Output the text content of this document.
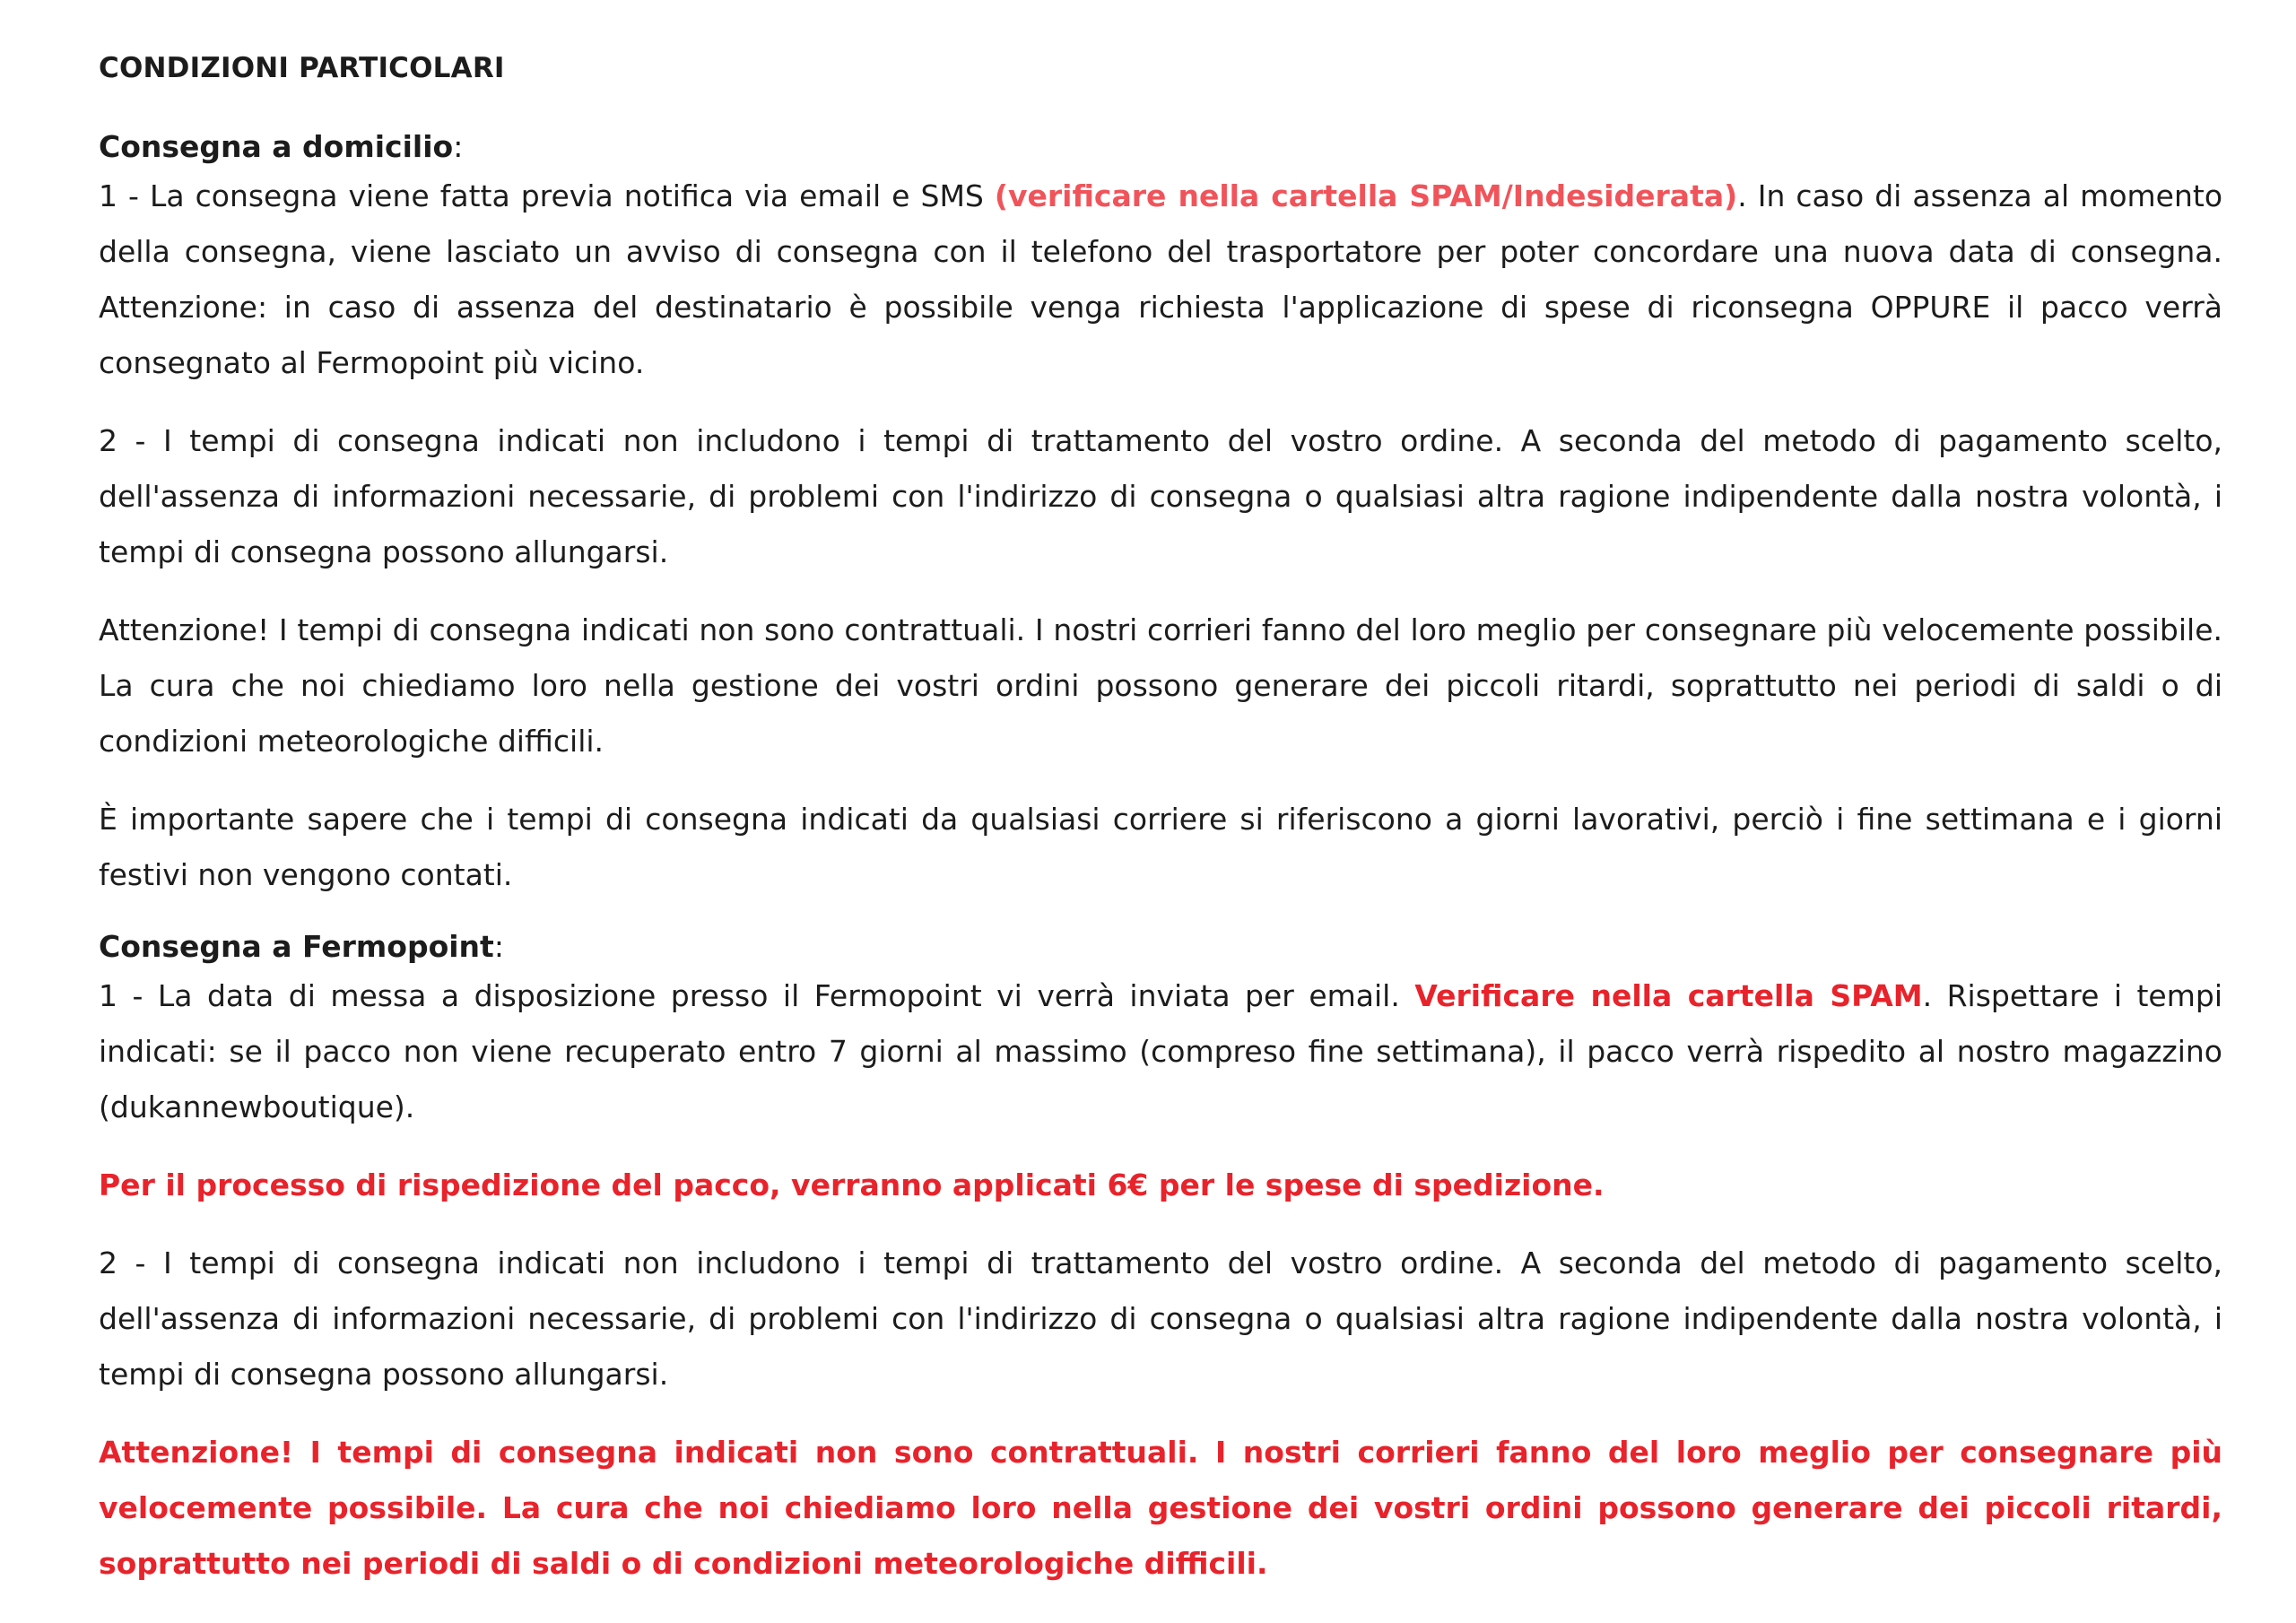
CONDIZIONI PARTICOLARI
Consegna a domicilio:

1 - La consegna viene fatta previa notifica via email e SMS (verificare nella cartella SPAM/Indesiderata). In caso di assenza al momento della consegna, viene lasciato un avviso di consegna con il telefono del trasportatore per poter concordare una nuova data di consegna. Attenzione: in caso di assenza del destinatario è possibile venga richiesta l'applicazione di spese di riconsegna OPPURE il pacco verrà consegnato al Fermopoint più vicino.

2 - I tempi di consegna indicati non includono i tempi di trattamento del vostro ordine. A seconda del metodo di pagamento scelto, dell'assenza di informazioni necessarie, di problemi con l'indirizzo di consegna o qualsiasi altra ragione indipendente dalla nostra volontà, i tempi di consegna possono allungarsi.

Attenzione! I tempi di consegna indicati non sono contrattuali. I nostri corrieri fanno del loro meglio per consegnare più velocemente possibile. La cura che noi chiediamo loro nella gestione dei vostri ordini possono generare dei piccoli ritardi, soprattutto nei periodi di saldi o di condizioni meteorologiche difficili.

È importante sapere che i tempi di consegna indicati da qualsiasi corriere si riferiscono a giorni lavorativi, perciò i fine settimana e i giorni festivi non vengono contati.

Consegna a Fermopoint:

1 - La data di messa a disposizione presso il Fermopoint vi verrà inviata per email. Verificare nella cartella SPAM. Rispettare i tempi indicati: se il pacco non viene recuperato entro 7 giorni al massimo (compreso fine settimana), il pacco verrà rispedito al nostro magazzino (dukannewboutique).

Per il processo di rispedizione del pacco, verranno applicati 6€ per le spese di spedizione.

2 - I tempi di consegna indicati non includono i tempi di trattamento del vostro ordine. A seconda del metodo di pagamento scelto, dell'assenza di informazioni necessarie, di problemi con l'indirizzo di consegna o qualsiasi altra ragione indipendente dalla nostra volontà, i tempi di consegna possono allungarsi.

Attenzione! I tempi di consegna indicati non sono contrattuali. I nostri corrieri fanno del loro meglio per consegnare più velocemente possibile. La cura che noi chiediamo loro nella gestione dei vostri ordini possono generare dei piccoli ritardi, soprattutto nei periodi di saldi o di condizioni meteorologiche difficili.
